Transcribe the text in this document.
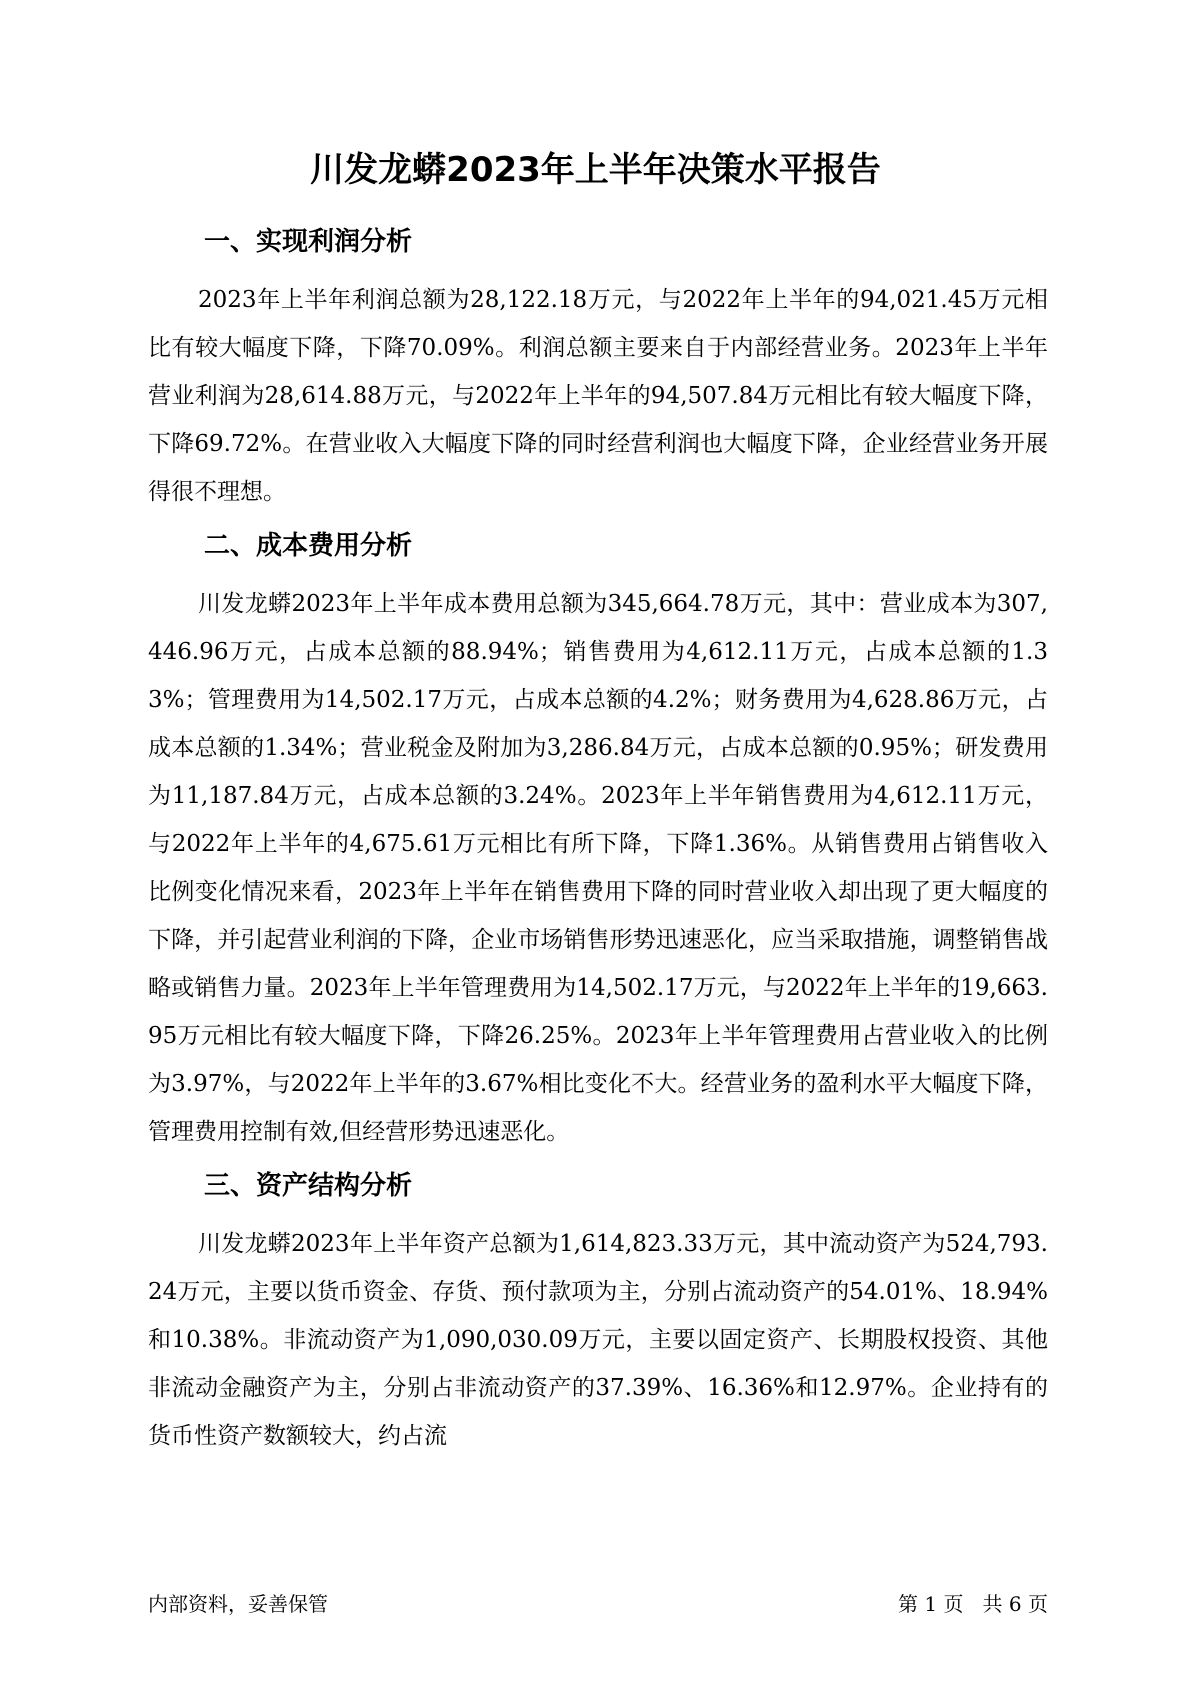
川发龙蟒2023年上半年决策水平报告
一、实现利润分析

2023年上半年利润总额为28,122.18万元，与2022年上半年的94,021.45万元相比有较大幅度下降，下降70.09%。利润总额主要来自于内部经营业务。2023年上半年营业利润为28,614.88万元，与2022年上半年的94,507.84万元相比有较大幅度下降，下降69.72%。在营业收入大幅度下降的同时经营利润也大幅度下降，企业经营业务开展得很不理想。

二、成本费用分析

川发龙蟒2023年上半年成本费用总额为345,664.78万元，其中：营业成本为307,446.96万元，占成本总额的88.94%；销售费用为4,612.11万元，占成本总额的1.33%；管理费用为14,502.17万元，占成本总额的4.2%；财务费用为4,628.86万元，占成本总额的1.34%；营业税金及附加为3,286.84万元，占成本总额的0.95%；研发费用为11,187.84万元，占成本总额的3.24%。2023年上半年销售费用为4,612.11万元，与2022年上半年的4,675.61万元相比有所下降，下降1.36%。从销售费用占销售收入比例变化情况来看，2023年上半年在销售费用下降的同时营业收入却出现了更大幅度的下降，并引起营业利润的下降，企业市场销售形势迅速恶化，应当采取措施，调整销售战略或销售力量。2023年上半年管理费用为14,502.17万元，与2022年上半年的19,663.95万元相比有较大幅度下降，下降26.25%。2023年上半年管理费用占营业收入的比例为3.97%，与2022年上半年的3.67%相比变化不大。经营业务的盈利水平大幅度下降，管理费用控制有效,但经营形势迅速恶化。

三、资产结构分析

川发龙蟒2023年上半年资产总额为1,614,823.33万元，其中流动资产为524,793.24万元，主要以货币资金、存货、预付款项为主，分别占流动资产的54.01%、18.94%和10.38%。非流动资产为1,090,030.09万元，主要以固定资产、长期股权投资、其他非流动金融资产为主，分别占非流动资产的37.39%、16.36%和12.97%。企业持有的货币性资产数额较大，约占流

内部资料，妥善保管	第 1 页   共 6 页
